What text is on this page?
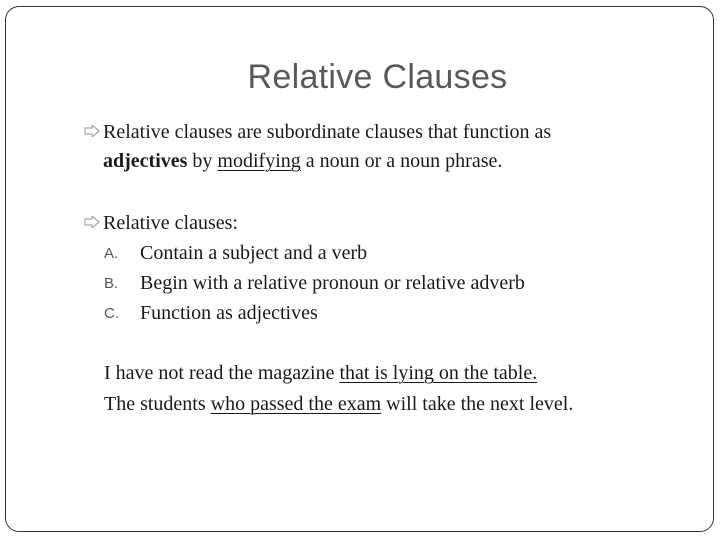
Relative Clauses
Relative clauses are subordinate clauses that function as
adjectives by modifying a noun or a noun phrase.
Relative clauses:
A. Contain a subject and a verb
B. Begin with a relative pronoun or relative adverb
C. Function as adjectives
I have not read the magazine that is lying on the table.
The students who passed the exam will take the next level.
